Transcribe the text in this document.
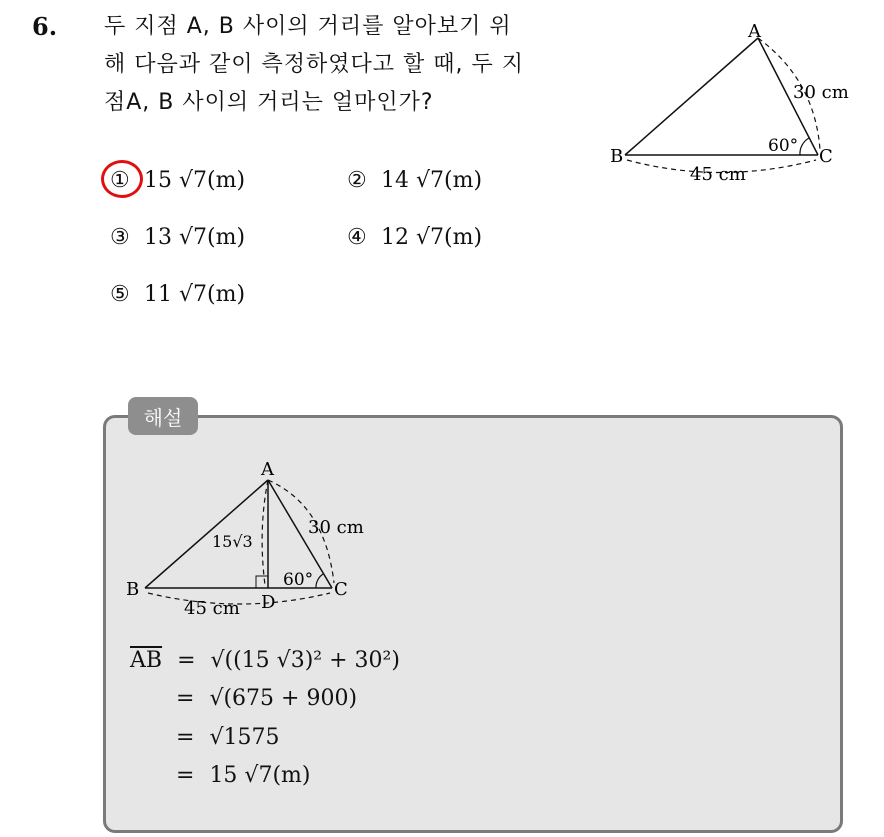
6. 두 지점 A, B 사이의 거리를 알아보기 위
해 다음과 같이 측정하였다고 할 때, 두 지
점A, B 사이의 거리는 얼마인가?
① 15 √7(m)	② 14 √7(m)
③ 13 √7(m)	④ 12 √7(m)
⑤ 11 √7(m)
A
B	C
30 cm
45 cm
60°
해설
A
B	C
D
30 cm
45 cm
60°
15√3
$\overline{AB} = √((15$ √3)² + 30²)
= √(675 + 900)
= √1575
= 15 √7(m)
